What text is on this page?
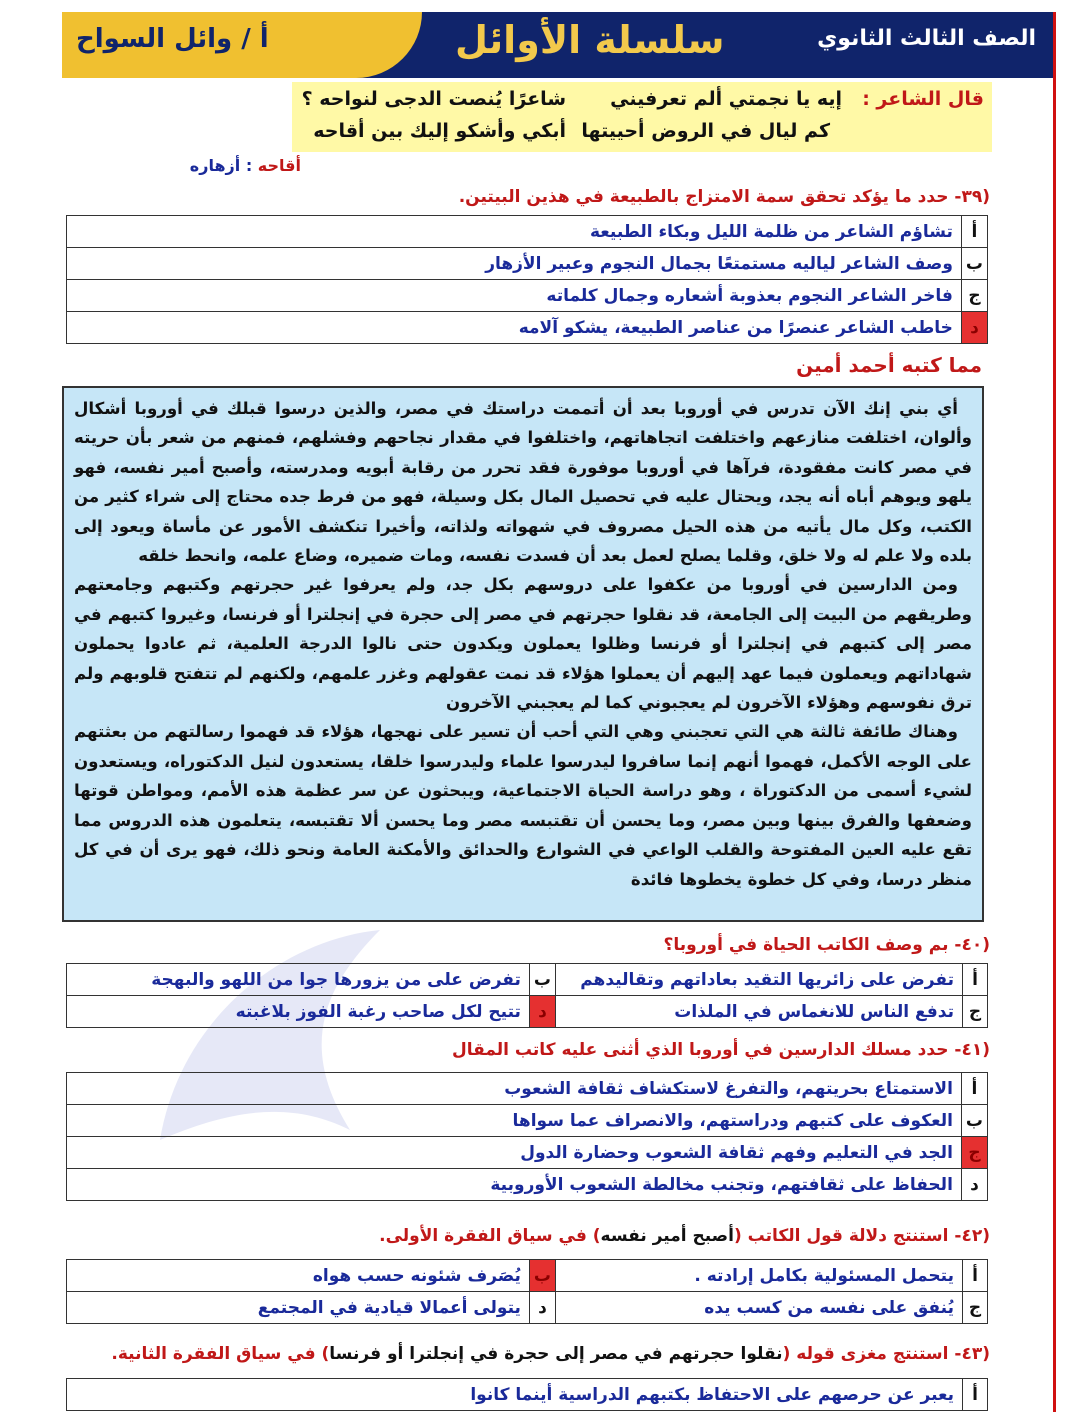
الصف الثالث الثانوي
سلسلة الأوائل
أ / وائل السواح
قال الشاعر :
إيه يا نجمتي ألم تعرفيني
شاعرًا يُنصت الدجى لنواحه ؟
كم ليال في الروض أحييتها
أبكي وأشكو إليك بين أقاحه
أقاحه : أزهاره
(٣٩- حدد ما يؤكد تحقق سمة الامتزاج بالطبيعة في هذين البيتين.
أ	تشاؤم الشاعر من ظلمة الليل وبكاء الطبيعة
ب	وصف الشاعر لياليه مستمتعًا بجمال النجوم وعبير الأزهار
ج	فاخر الشاعر النجوم بعذوبة أشعاره وجمال كلماته
د	خاطب الشاعر عنصرًا من عناصر الطبيعة، يشكو آلامه
مما كتبه أحمد أمين

أي بني إنك الآن تدرس في أوروبا بعد أن أتممت دراستك في مصر، والذين درسوا قبلك في أوروبا أشكال وألوان، اختلفت منازعهم واختلفت اتجاهاتهم، واختلفوا في مقدار نجاحهم وفشلهم، فمنهم من شعر بأن حريته في مصر كانت مفقودة، فرآها في أوروبا موفورة فقد تحرر من رقابة أبويه ومدرسته، وأصبح أمير نفسه، فهو يلهو ويوهم أباه أنه يجد، ويحتال عليه في تحصيل المال بكل وسيلة، فهو من فرط جده محتاج إلى شراء كثير من الكتب، وكل مال يأتيه من هذه الحيل مصروف في شهواته ولذاته، وأخيرا تنكشف الأمور عن مأساة ويعود إلى بلده ولا علم له ولا خلق، وقلما يصلح لعمل بعد أن فسدت نفسه، ومات ضميره، وضاع علمه، وانحط خلقه

ومن الدارسين في أوروبا من عكفوا على دروسهم بكل جد، ولم يعرفوا غير حجرتهم وكتبهم وجامعتهم وطريقهم من البيت إلى الجامعة، قد نقلوا حجرتهم في مصر إلى حجرة في إنجلترا أو فرنسا، وغيروا كتبهم في مصر إلى كتبهم في إنجلترا أو فرنسا وظلوا يعملون ويكدون حتى نالوا الدرجة العلمية، ثم عادوا يحملون شهاداتهم ويعملون فيما عهد إليهم أن يعملوا هؤلاء قد نمت عقولهم وغزر علمهم، ولكنهم لم تتفتح قلوبهم ولم ترق نفوسهم وهؤلاء الآخرون لم يعجبوني كما لم يعجبني الآخرون

وهناك طائفة ثالثة هي التي تعجبني وهي التي أحب أن تسير على نهجها، هؤلاء قد فهموا رسالتهم من بعثتهم على الوجه الأكمل، فهموا أنهم إنما سافروا ليدرسوا علماء وليدرسوا خلقا، يستعدون لنيل الدكتوراه، ويستعدون لشيء أسمى من الدكتوراة ، وهو دراسة الحياة الاجتماعية، ويبحثون عن سر عظمة هذه الأمم، ومواطن قوتها وضعفها والفرق بينها وبين مصر، وما يحسن أن تقتبسه مصر وما يحسن ألا تقتبسه، يتعلمون هذه الدروس مما تقع عليه العين المفتوحة والقلب الواعي في الشوارع والحدائق والأمكنة العامة ونحو ذلك، فهو يرى أن في كل منظر درسا، وفي كل خطوة يخطوها فائدة

(٤٠- بم وصف الكاتب الحياة في أوروبا؟
أ	تفرض على زائريها التقيد بعاداتهم وتقاليدهم	ب	تفرض على من يزورها جوا من اللهو والبهجة
ج	تدفع الناس للانغماس في الملذات	د	تتيح لكل صاحب رغبة الفوز بلاغبته
(٤١- حدد مسلك الدارسين في أوروبا الذي أثنى عليه كاتب المقال
أ	الاستمتاع بحريتهم، والتفرغ لاستكشاف ثقافة الشعوب
ب	العكوف على كتبهم ودراستهم، والانصراف عما سواها
ج	الجد في التعليم وفهم ثقافة الشعوب وحضارة الدول
د	الحفاظ على ثقافتهم، وتجنب مخالطة الشعوب الأوروبية
(٤٢- استنتج دلالة قول الكاتب (أصبح أمير نفسه) في سياق الفقرة الأولى.
أ	يتحمل المسئولية بكامل إرادته .	ب	يُصَرف شئونه حسب هواه
ج	يُنفق على نفسه من كسب يده	د	يتولى أعمالا قيادية في المجتمع
(٤٣- استنتج مغزى قوله (نقلوا حجرتهم في مصر إلى حجرة في إنجلترا أو فرنسا) في سياق الفقرة الثانية.
أ	يعبر عن حرصهم على الاحتفاظ بكتبهم الدراسية أينما كانوا
